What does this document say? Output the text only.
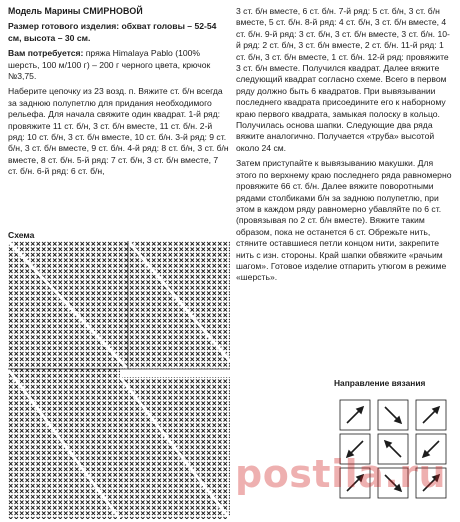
Модель Марины СМИРНОВОЙ

Размер готового изделия: обхват головы – 52-54 см, высота – 30 см.

Вам потребуется: пряжа Himalaya Pablo (100% шерсть, 100 м/100 г) – 200 г черного цвета, крючок №3,75.

Наберите цепочку из 23 возд. п. Вяжите ст. б/н всегда за заднюю полупетлю для придания необходимого рельефа. Для начала свяжите один квадрат. 1-й ряд: провяжите 11 ст. б/н, 3 ст. б/н вместе, 11 ст. б/н. 2-й ряд: 10 ст. б/н, 3 ст. б/н вместе, 10 ст. б/н. 3-й ряд: 9 ст. б/н, 3 ст. б/н вместе, 9 ст. б/н. 4-й ряд: 8 ст. б/н, 3 ст. б/н вместе, 8 ст. б/н. 5-й ряд: 7 ст. б/н, 3 ст. б/н вместе, 7 ст. б/н. 6-й ряд: 6 ст. б/н,

3 ст. б/н вместе, 6 ст. б/н. 7-й ряд: 5 ст. б/н, 3 ст. б/н вместе, 5 ст. б/н. 8-й ряд: 4 ст. б/н, 3 ст. б/н вместе, 4 ст. б/н. 9-й ряд: 3 ст. б/н, 3 ст. б/н вместе, 3 ст. б/н. 10-й ряд: 2 ст. б/н, 3 ст. б/н вместе, 2 ст. б/н. 11-й ряд: 1 ст. б/н, 3 ст. б/н вместе, 1 ст. б/н. 12-й ряд: провяжите 3 ст. б/н вместе. Получился квадрат. Далее вяжите следующий квадрат согласно схеме. Всего в первом ряду должно быть 6 квадратов. При вывязывании последнего квадрата присоедините его к наборному краю первого квадрата, замыкая полоску в кольцо. Получилась основа шапки. Следующие два ряда вяжите аналогично. Получается «труба» высотой около 24 см.

Затем приступайте к вывязыванию макушки. Для этого по верхнему краю последнего ряда равномерно провяжите 66 ст. б/н. Далее вяжите поворотными рядами столбиками б/н за заднюю полупетлю, при этом в каждом ряду равномерно убавляйте по 6 ст. (провязывая по 2 ст. б/н вместе). Вяжите таким образом, пока не останется 6 ст. Обрежьте нить, стяните оставшиеся петли концом нити, закрепите нить с изн. стороны. Край шапки обвяжите «рачьим шагом». Готовое изделие отпарить утюгом в режиме «шерсть».

Схема
Направление вязания
postila.ru
